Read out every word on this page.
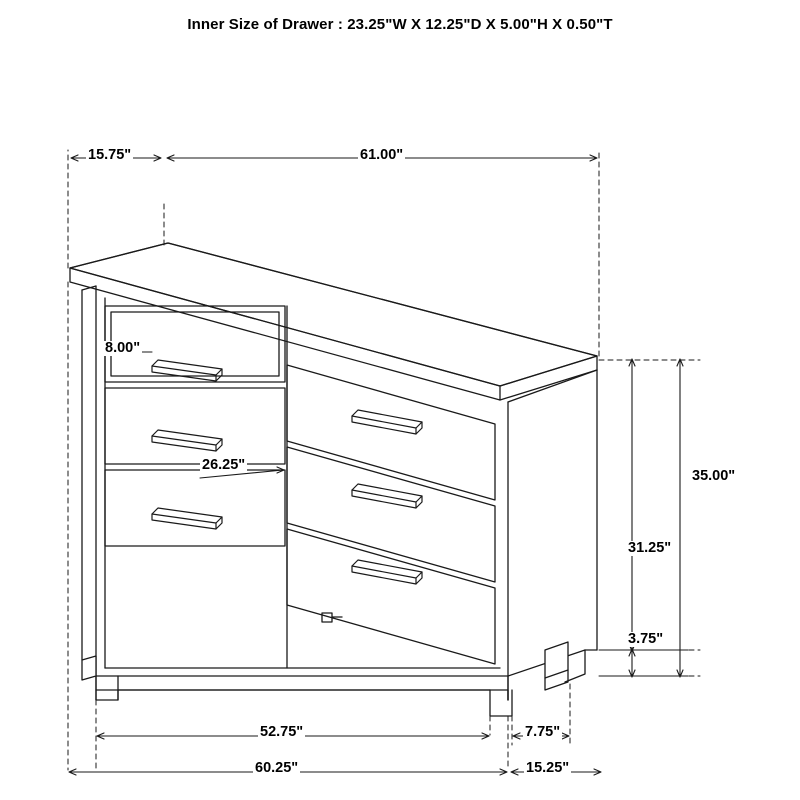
Inner Size of Drawer : 23.25"W X 12.25"D X 5.00"H X 0.50"T
15.75"	61.00"
8.00"
26.25"
35.00"
31.25"
3.75"
52.75"
60.25"
7.75"
15.25"
